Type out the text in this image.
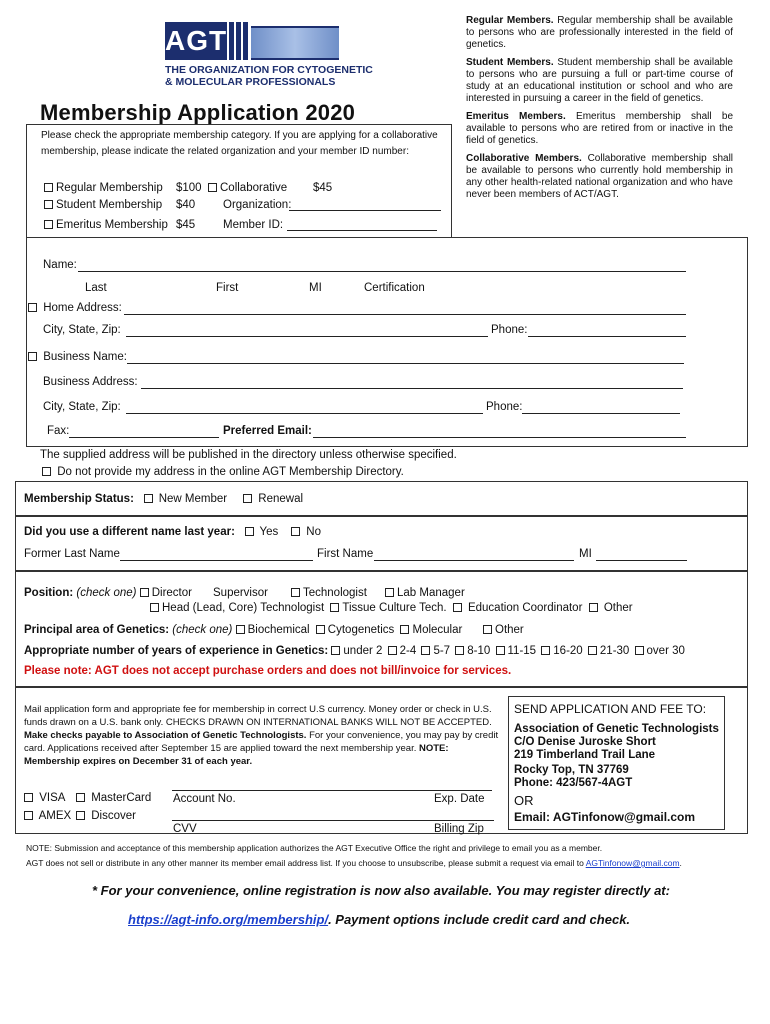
AGT
THE ORGANIZATION FOR CYTOGENETIC
& MOLECULAR PROFESSIONALS
Membership Application 2020
Please check the appropriate membership category. If you are applying for a collaborative membership, please indicate the related organization and your member ID number:
Regular Membership $100	Collaborative $45
Student Membership $40 Organization:
Emeritus Membership $45 Member ID:

Regular Members. Regular membership shall be available to persons who are professionally interested in the field of genetics.

Student Members. Student membership shall be available to persons who are pursuing a full or part-time course of study at an educational institution or school and who are interested in pursuing a career in the field of genetics.

Emeritus Members. Emeritus membership shall be available to persons who are retired from or inactive in the field of genetics.

Collaborative Members. Collaborative membership shall be available to persons who currently hold membership in any other health-related national organization and who have never been members of ACT/AGT.

Name:
Last	First	MI	Certification
Home Address:
City, State, Zip:	Phone:
Business Name:
Business Address:
City, State, Zip:	Phone:
Fax:	Preferred Email:
The supplied address will be published in the directory unless otherwise specified.
Do not provide my address in the online AGT Membership Directory.
Membership Status: New Member	Renewal
Did you use a different name last year: Yes No
Former Last Name	First Name	MI
Position: (check one) Director Supervisor	Technologist	Lab Manager
Head (Lead, Core) Technologist Tissue Culture Tech. Education Coordinator Other
Principal area of Genetics: (check one) Biochemical Cytogenetics Molecular	Other
Appropriate number of years of experience in Genetics: under 2 2-4 5-7 8-10 11-15 16-20 21-30 over 30
Please note: AGT does not accept purchase orders and does not bill/invoice for services.
Mail application form and appropriate fee for membership in correct U.S currency. Money order or check in U.S. funds drawn on a U.S. bank only. CHECKS DRAWN ON INTERNATIONAL BANKS WILL NOT BE ACCEPTED. Make checks payable to Association of Genetic Technologists. For your convenience, you may pay by credit card. Applications received after September 15 are applied toward the next membership year. NOTE: Membership expires on December 31 of each year.
VISA	MasterCard
AMEX	Discover
Account No.	Exp. Date
CVV	Billing Zip
SEND APPLICATION AND FEE TO:
Association of Genetic Technologists
C/O Denise Juroske Short
219 Timberland Trail Lane
Rocky Top, TN 37769
Phone: 423/567-4AGT
OR
Email: AGTinfonow@gmail.com
NOTE: Submission and acceptance of this membership application authorizes the AGT Executive Office the right and privilege to email you as a member.
AGT does not sell or distribute in any other manner its member email address list. If you choose to unsubscribe, please submit a request via email to AGTinfonow@gmail.com.
* For your convenience, online registration is now also available. You may register directly at:
https://agt-info.org/membership/. Payment options include credit card and check.
